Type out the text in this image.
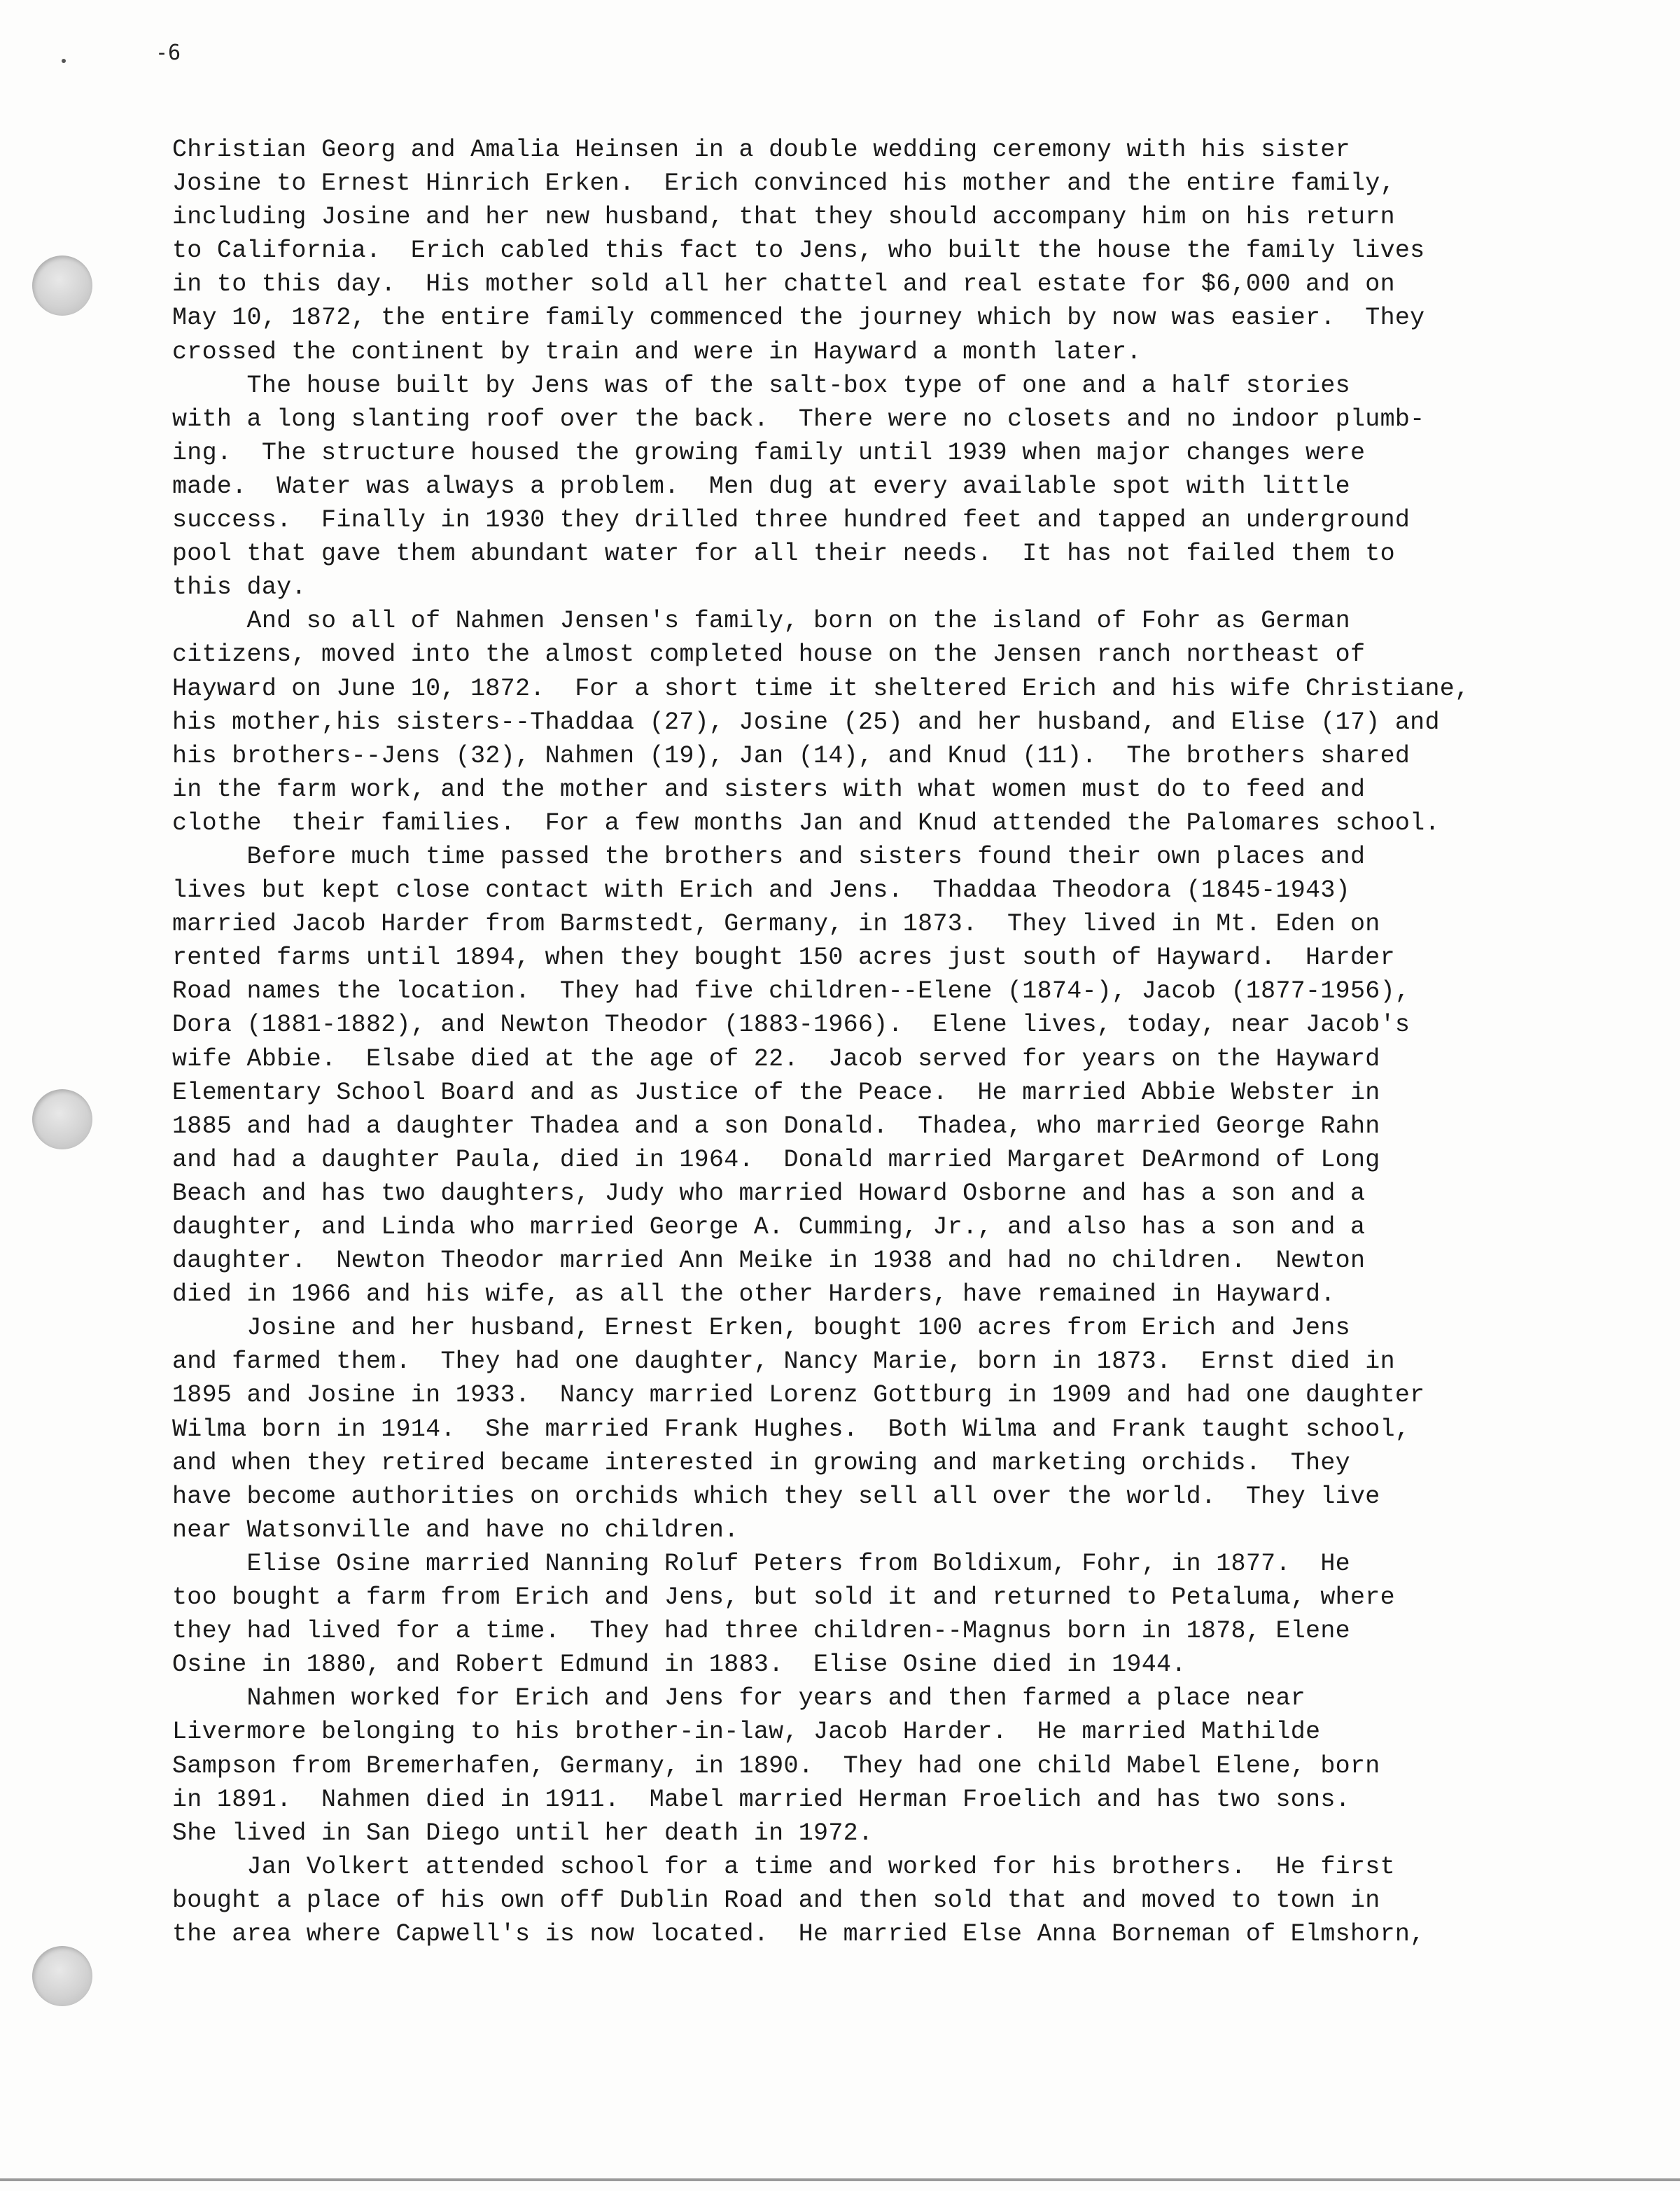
-6
Christian Georg and Amalia Heinsen in a double wedding ceremony with his sister
Josine to Ernest Hinrich Erken.  Erich convinced his mother and the entire family,
including Josine and her new husband, that they should accompany him on his return
to California.  Erich cabled this fact to Jens, who built the house the family lives
in to this day.  His mother sold all her chattel and real estate for $6,000 and on
May 10, 1872, the entire family commenced the journey which by now was easier.  They
crossed the continent by train and were in Hayward a month later.
The house built by Jens was of the salt-box type of one and a half stories
with a long slanting roof over the back.  There were no closets and no indoor plumb-
ing.  The structure housed the growing family until 1939 when major changes were
made.  Water was always a problem.  Men dug at every available spot with little
success.  Finally in 1930 they drilled three hundred feet and tapped an underground
pool that gave them abundant water for all their needs.  It has not failed them to
this day.
And so all of Nahmen Jensen's family, born on the island of Fohr as German
citizens, moved into the almost completed house on the Jensen ranch northeast of
Hayward on June 10, 1872.  For a short time it sheltered Erich and his wife Christiane,
his mother,his sisters--Thaddaa (27), Josine (25) and her husband, and Elise (17) and
his brothers--Jens (32), Nahmen (19), Jan (14), and Knud (11).  The brothers shared
in the farm work, and the mother and sisters with what women must do to feed and
clothe  their families.  For a few months Jan and Knud attended the Palomares school.
Before much time passed the brothers and sisters found their own places and
lives but kept close contact with Erich and Jens.  Thaddaa Theodora (1845-1943)
married Jacob Harder from Barmstedt, Germany, in 1873.  They lived in Mt. Eden on
rented farms until 1894, when they bought 150 acres just south of Hayward.  Harder
Road names the location.  They had five children--Elene (1874-), Jacob (1877-1956),
Dora (1881-1882), and Newton Theodor (1883-1966).  Elene lives, today, near Jacob's
wife Abbie.  Elsabe died at the age of 22.  Jacob served for years on the Hayward
Elementary School Board and as Justice of the Peace.  He married Abbie Webster in
1885 and had a daughter Thadea and a son Donald.  Thadea, who married George Rahn
and had a daughter Paula, died in 1964.  Donald married Margaret DeArmond of Long
Beach and has two daughters, Judy who married Howard Osborne and has a son and a
daughter, and Linda who married George A. Cumming, Jr., and also has a son and a
daughter.  Newton Theodor married Ann Meike in 1938 and had no children.  Newton
died in 1966 and his wife, as all the other Harders, have remained in Hayward.
Josine and her husband, Ernest Erken, bought 100 acres from Erich and Jens
and farmed them.  They had one daughter, Nancy Marie, born in 1873.  Ernst died in
1895 and Josine in 1933.  Nancy married Lorenz Gottburg in 1909 and had one daughter
Wilma born in 1914.  She married Frank Hughes.  Both Wilma and Frank taught school,
and when they retired became interested in growing and marketing orchids.  They
have become authorities on orchids which they sell all over the world.  They live
near Watsonville and have no children.
Elise Osine married Nanning Roluf Peters from Boldixum, Fohr, in 1877.  He
too bought a farm from Erich and Jens, but sold it and returned to Petaluma, where
they had lived for a time.  They had three children--Magnus born in 1878, Elene
Osine in 1880, and Robert Edmund in 1883.  Elise Osine died in 1944.
Nahmen worked for Erich and Jens for years and then farmed a place near
Livermore belonging to his brother-in-law, Jacob Harder.  He married Mathilde
Sampson from Bremerhafen, Germany, in 1890.  They had one child Mabel Elene, born
in 1891.  Nahmen died in 1911.  Mabel married Herman Froelich and has two sons.
She lived in San Diego until her death in 1972.
Jan Volkert attended school for a time and worked for his brothers.  He first
bought a place of his own off Dublin Road and then sold that and moved to town in
the area where Capwell's is now located.  He married Else Anna Borneman of Elmshorn,
